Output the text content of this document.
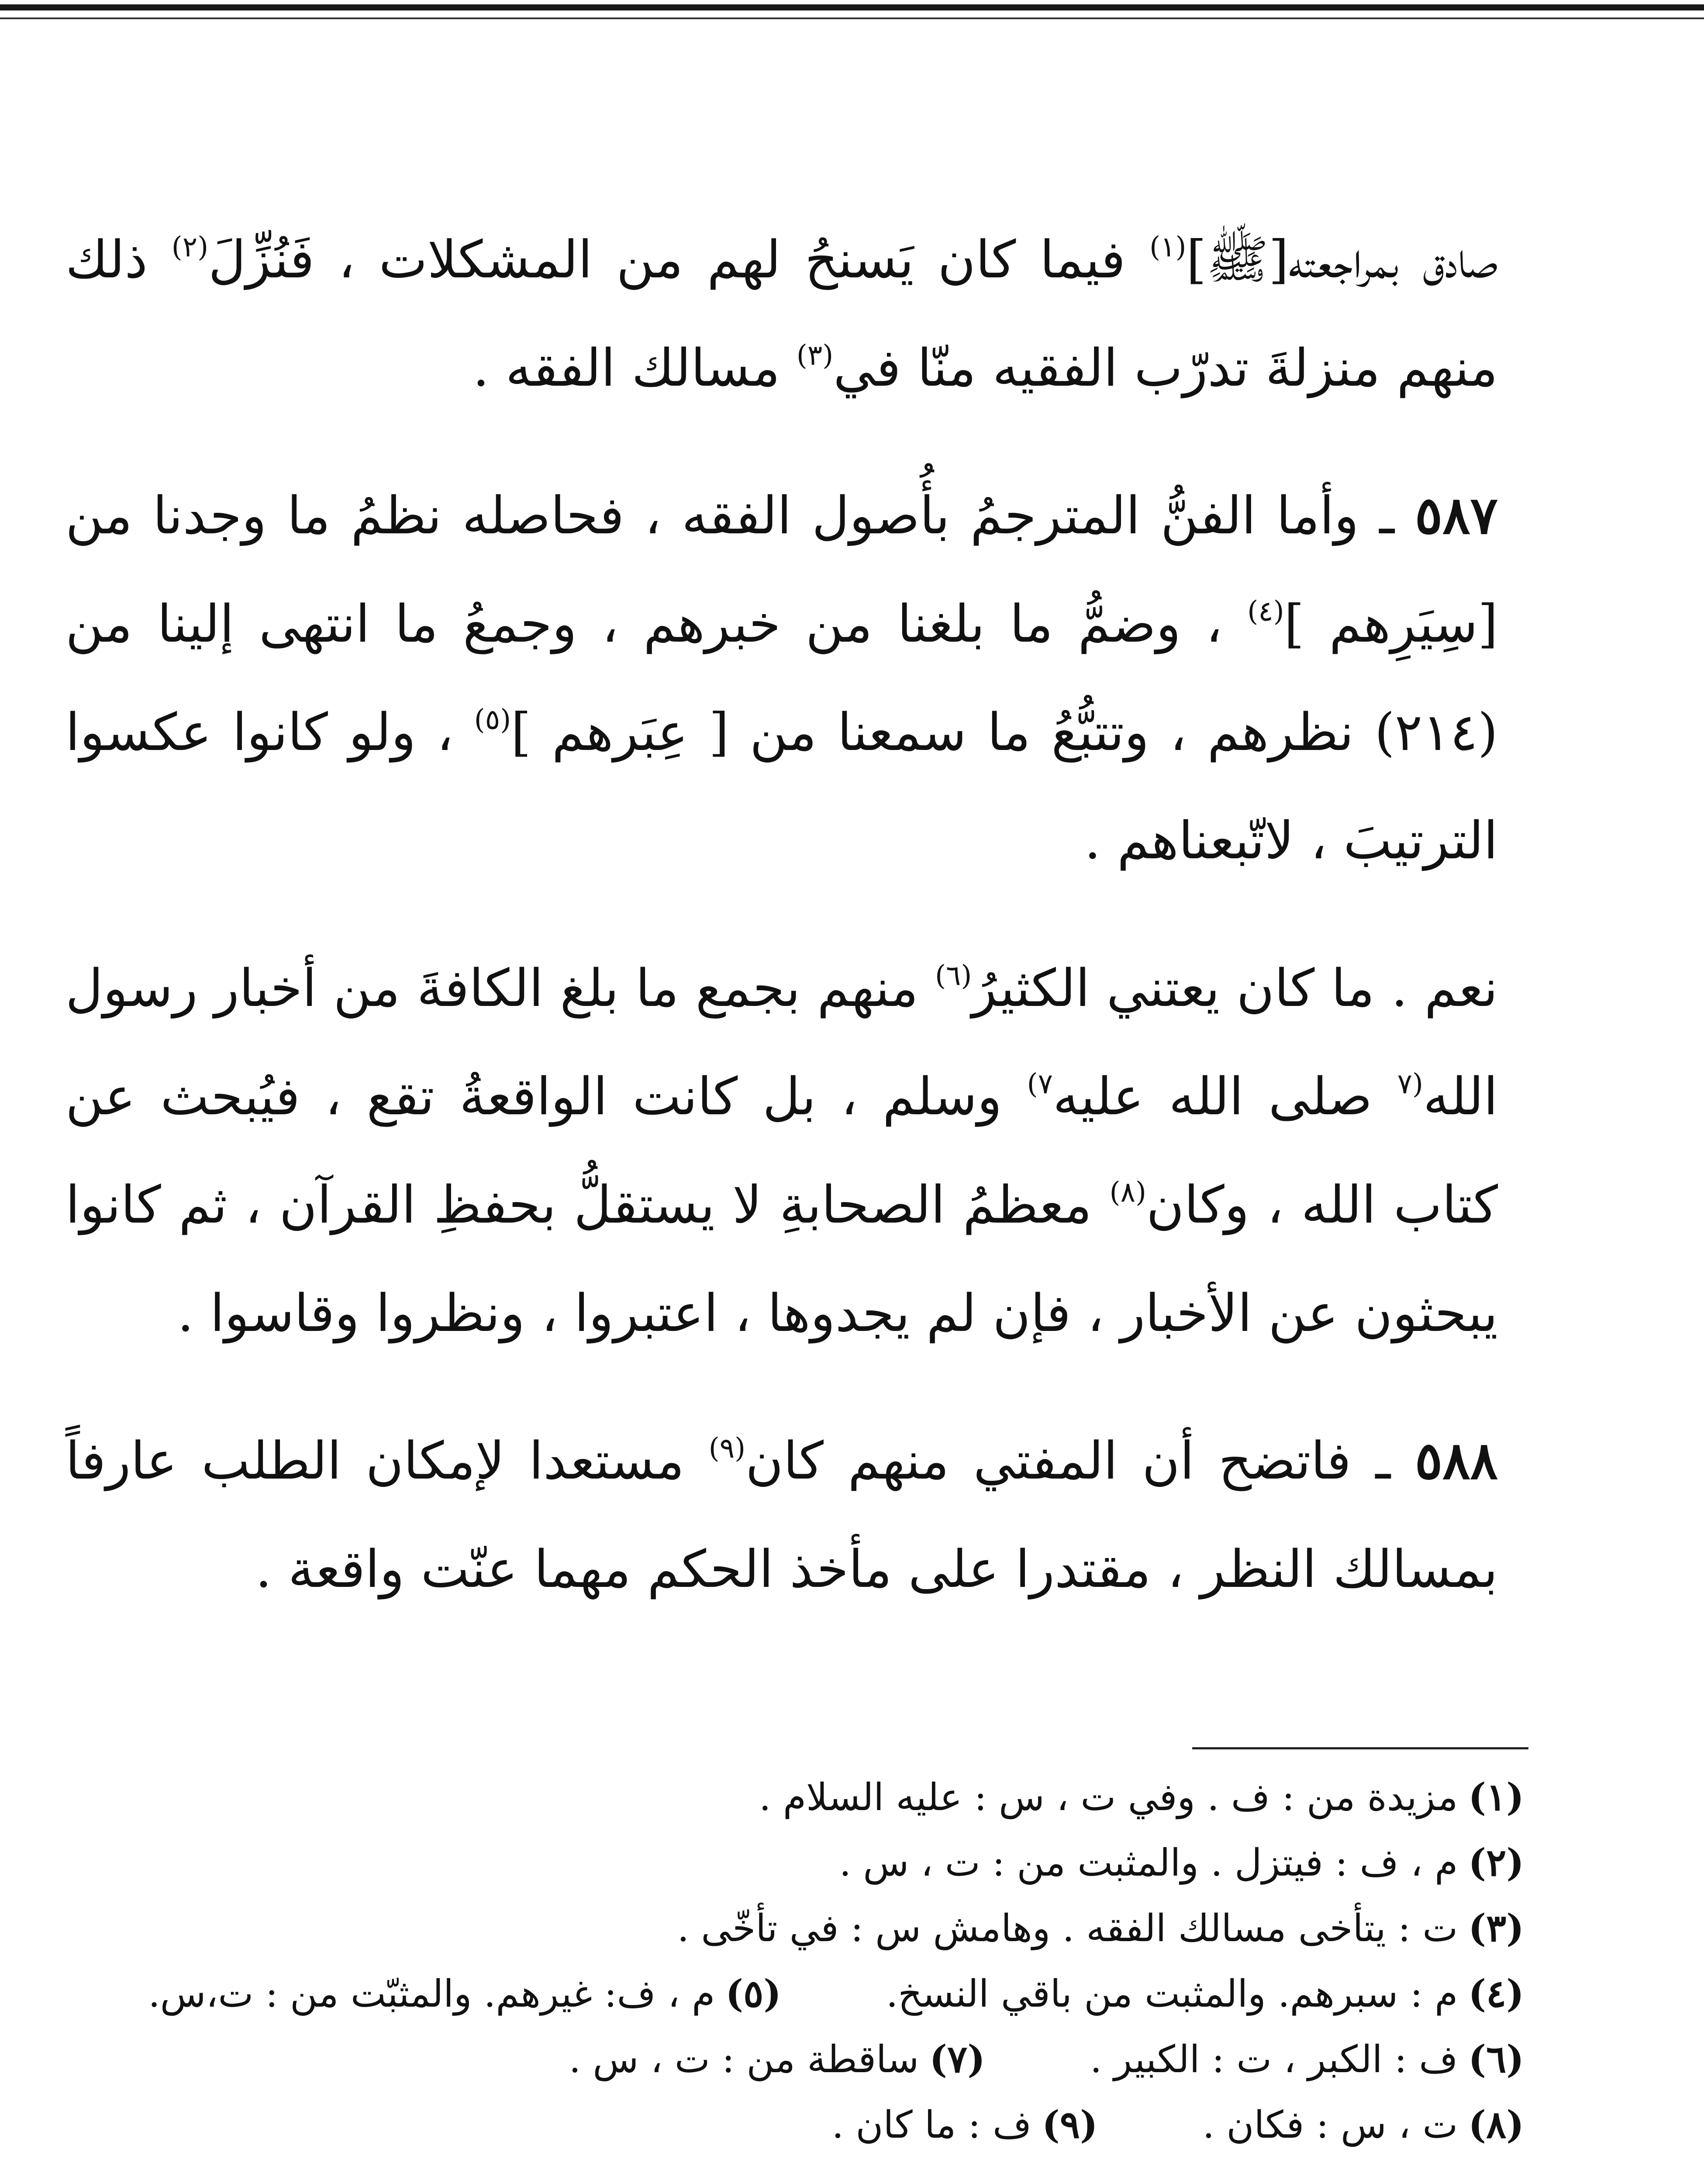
صادق بمراجعته[ﷺ]$^{(١)}$ فيما كان يَسنحُ لهم من المشكلات ، فَنُزِّلَ$^{(٢)}$ ذلك منهم منزلةَ تدرّب الفقيه منّا في$^{(٣)}$ مسالك الفقه .

٥٨٧ ـ وأما الفنُّ المترجمُ بأُصول الفقه ، فحاصله نظمُ ما وجدنا من [سِيَرِهم ]$^{(٤)}$ ، وضمُّ ما بلغنا من خبرهم ، وجمعُ ما انتهى إلينا من (٢١٤) نظرهم ، وتتبُّعُ ما سمعنا من [ عِبَرهم ]$^{(٥)}$ ، ولو كانوا عكسوا الترتيبَ ، لاتّبعناهم .

نعم . ما كان يعتني الكثيرُ$^{(٦)}$ منهم بجمع ما بلغ الكافةَ من أخبار رسول الله$^{(٧}$ صلى الله عليه$^{٧)}$ وسلم ، بل كانت الواقعةُ تقع ، فيُبحث عن كتاب الله ، وكان$^{(٨)}$ معظمُ الصحابةِ لا يستقلُّ بحفظِ القرآن ، ثم كانوا يبحثون عن الأخبار ، فإن لم يجدوها ، اعتبروا ، ونظروا وقاسوا .

٥٨٨ ـ فاتضح أن المفتي منهم كان$^{(٩)}$ مستعدا لإمكان الطلب عارفاً بمسالك النظر ، مقتدرا على مأخذ الحكم مهما عنّت واقعة .

(١)مزيدة من : ف . وفي ت ، س : عليه السلام .
(٢)م ، ف : فيتزل . والمثبت من : ت ، س .
(٣)ت : يتأخى مسالك الفقه . وهامش س : في تأخّى .
(٤)م : سبرهم. والمثبت من باقي النسخ.
(٥)م ، ف: غيرهم. والمثبّت من : ت،س.
(٦)ف : الكبر ، ت : الكبير .
(٧)ساقطة من : ت ، س .
(٨)ت ، س : فكان .
(٩)ف : ما كان .
